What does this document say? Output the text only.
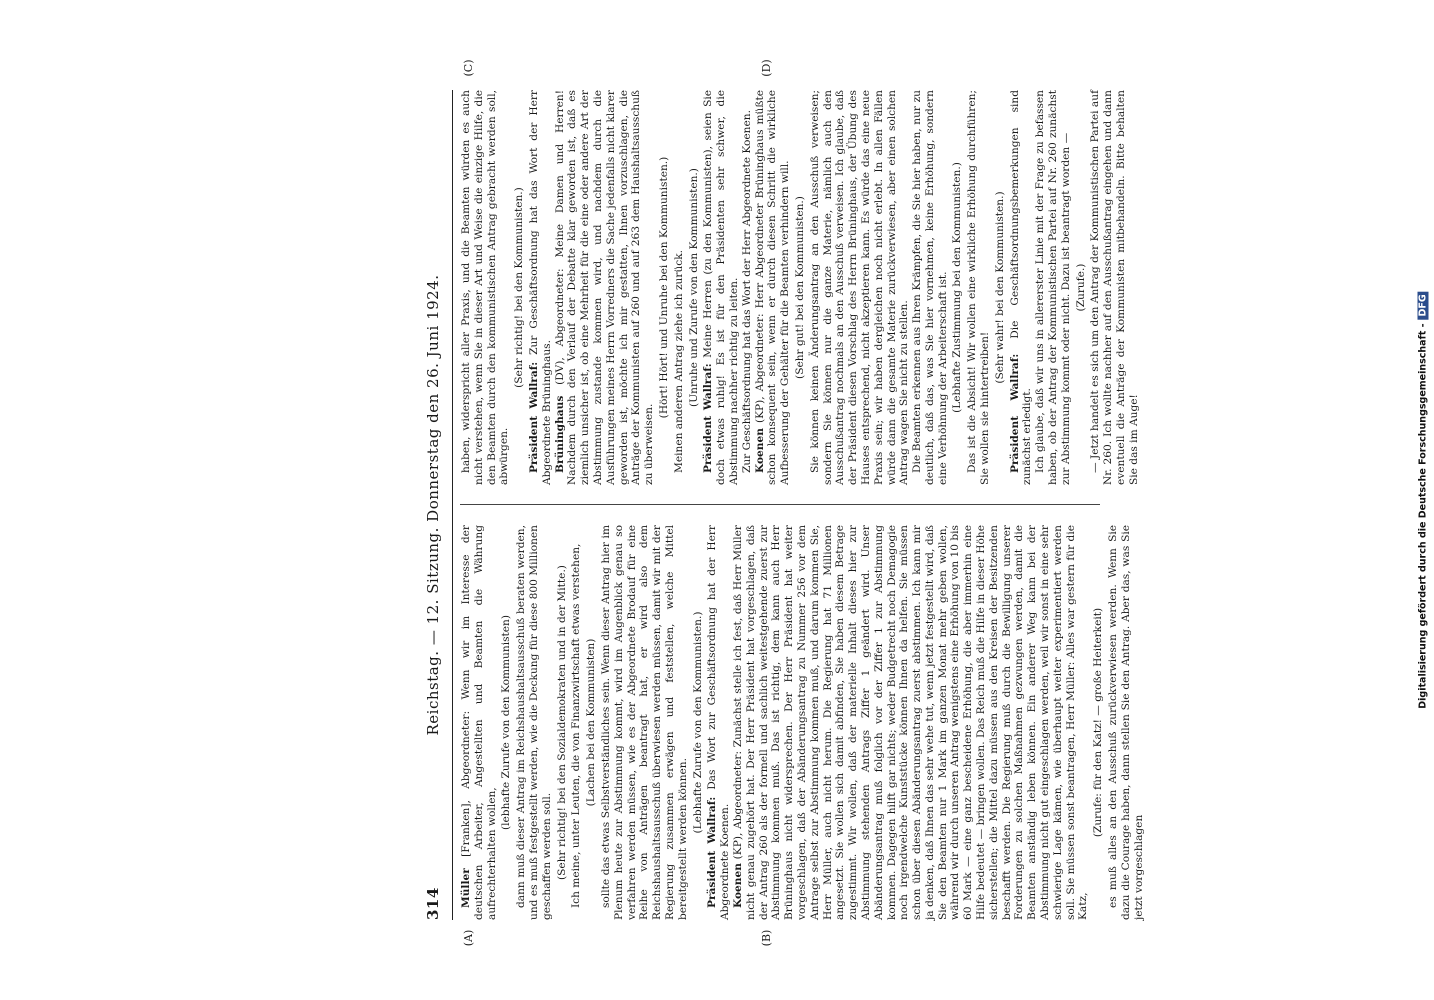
314
Reichstag. — 12. Sitzung. Donnerstag den 26. Juni 1924.
(A)	(B)
(C)	(D)

Müller [Franken], Abgeordneter: Wenn wir im Interesse der deutschen Arbeiter, Angestellten und Beamten die Währung aufrechterhalten wollen,

(lebhafte Zurufe von den Kommunisten) dann muß dieser Antrag im Reichshaushaltsausschuß beraten werden, und es muß festgestellt werden, wie die Deckung für diese 800 Millionen geschaffen werden soll. (Sehr richtig! bei den Sozialdemokraten und in der Mitte.) Ich meine, unter Leuten, die von Finanzwirtschaft etwas verstehen, (Lachen bei den Kommunisten) sollte das etwas Selbstverständliches sein. Wenn dieser Antrag hier im Plenum heute zur Abstimmung kommt, wird im Augenblick genau so verfahren werden müssen, wie es der Abgeordnete Brodauf für eine Reihe von Anträgen beantragt hat, er wird also dem Reichshaushaltsausschuß überwiesen werden müssen, damit wir mit der Regierung zusammen erwägen und feststellen, welche Mittel bereitgestellt werden können.

(Lebhafte Zurufe von den Kommunisten.)

Präsident Wallraf: Das Wort zur Geschäftsordnung hat der Herr Abgeordnete Koenen. Koenen (KP), Abgeordneter: Zunächst stelle ich fest, daß Herr Müller nicht genau zugehört hat. Der Herr Präsident hat vorgeschlagen, daß der Antrag 260 als der formell und sachlich weitestgehende zuerst zur Abstimmung kommen muß. Das ist richtig, dem kann auch Herr Brüninghaus nicht widersprechen. Der Herr Präsident hat weiter vorgeschlagen, daß der Abänderungsantrag zu Nummer 256 vor dem Antrage selbst zur Abstimmung kommen muß, und darum kommen Sie, Herr Müller, auch nicht herum. Die Regierung hat 71 Millionen angesetzt. Sie wollen sich damit abfinden, Sie haben diesem Betrage zugestimmt. Wir wollen, daß der materielle Inhalt dieses hier zur Abstimmung stehenden Antrags Ziffer 1 geändert wird. Unser Abänderungsantrag muß folglich vor der Ziffer 1 zur Abstimmung kommen. Dagegen hilft gar nichts; weder Budgetrecht noch Demagogie noch irgendwelche Kunststücke können Ihnen da helfen. Sie müssen schon über diesen Abänderungsantrag zuerst abstimmen. Ich kann mir ja denken, daß Ihnen das sehr wehe tut, wenn jetzt festgestellt wird, daß Sie den Beamten nur 1 Mark im ganzen Monat mehr geben wollen, während wir durch unseren Antrag wenigstens eine Erhöhung von 10 bis 60 Mark — eine ganz bescheidene Erhöhung, die aber immerhin eine Hilfe bedeutet — bringen wollen. Das Reich muß die Hilfe in dieser Höhe sicherstellen; die Mittel dazu müssen aus den Kreisen der Besitzenden beschafft werden. Die Regierung muß durch die Bewilligung unserer Forderungen zu solchen Maßnahmen gezwungen werden, damit die Beamten anständig leben können. Ein anderer Weg kann bei der Abstimmung nicht gut eingeschlagen werden, weil wir sonst in eine sehr schwierige Lage kämen, wie überhaupt weiter experimentiert werden soll. Sie müssen sonst beantragen, Herr Müller: Alles war gestern für die Katz,

(Zurufe: für den Katz! — große Heiterkeit) es muß alles an den Ausschuß zurückverwiesen werden. Wenn Sie dazu die Courage haben, dann stellen Sie den Antrag. Aber das, was Sie jetzt vorgeschlagen

haben, widerspricht aller Praxis, und die Beamten würden es auch nicht verstehen, wenn Sie in dieser Art und Weise die einzige Hilfe, die den Beamten durch den kommunistischen Antrag gebracht werden soll, abwürgen.

(Sehr richtig! bei den Kommunisten.)

Präsident Wallraf: Zur Geschäftsordnung hat das Wort der Herr Abgeordnete Brüninghaus. Brüninghaus (DV), Abgeordneter: Meine Damen und Herren! Nachdem durch den Verlauf der Debatte klar geworden ist, daß es ziemlich unsicher ist, ob eine Mehrheit für die eine oder andere Art der Abstimmung zustande kommen wird, und nachdem durch die Ausführungen meines Herrn Vorredners die Sache jedenfalls nicht klarer geworden ist, möchte ich mir gestatten, Ihnen vorzuschlagen, die Anträge der Kommunisten auf 260 und auf 263 dem Haushaltsausschuß zu überweisen.

(Hört! Hört! und Unruhe bei den Kommunisten.) Meinen anderen Antrag ziehe ich zurück. (Unruhe und Zurufe von den Kommunisten.)

Präsident Wallraf: Meine Herren (zu den Kommunisten), seien Sie doch etwas ruhig! Es ist für den Präsidenten sehr schwer, die Abstimmung nachher richtig zu leiten. Zur Geschäftsordnung hat das Wort der Herr Abgeordnete Koenen. Koenen (KP), Abgeordneter: Herr Abgeordneter Brüninghaus müßte schon konsequent sein, wenn er durch diesen Schritt die wirkliche Aufbesserung der Gehälter für die Beamten verhindern will. (Sehr gut! bei den Kommunisten.) Sie können keinen Änderungsantrag an den Ausschuß verweisen; sondern Sie können nur die ganze Materie, nämlich auch den Ausschußantrag nochmals an den Ausschuß verweisen. Ich glaube, daß der Präsident diesen Vorschlag des Herrn Brüninghaus, der Übung des Hauses entsprechend, nicht akzeptieren kann. Es würde das eine neue Praxis sein; wir haben dergleichen noch nicht erlebt. In allen Fällen würde dann die gesamte Materie zurückverwiesen, aber einen solchen Antrag wagen Sie nicht zu stellen. Die Beamten erkennen aus Ihren Krämpfen, die Sie hier haben, nur zu deutlich, daß das, was Sie hier vornehmen, keine Erhöhung, sondern eine Verhöhnung der Arbeiterschaft ist. (Lebhafte Zustimmung bei den Kommunisten.) Das ist die Absicht! Wir wollen eine wirkliche Erhöhung durchführen; Sie wollen sie hintertreiben!

(Sehr wahr! bei den Kommunisten.)

Präsident Wallraf: Die Geschäftsordnungsbemerkungen sind zunächst erledigt. Ich glaube, daß wir uns in allererster Linie mit der Frage zu befassen haben, ob der Antrag der Kommunistischen Partei auf Nr. 260 zunächst zur Abstimmung kommt oder nicht. Dazu ist beantragt worden — (Zurufe.) — Jetzt handelt es sich um den Antrag der Kommunistischen Partei auf Nr. 260. Ich wollte nachher auf den Ausschußantrag eingehen und dann eventuell die Anträge der Kommunisten mitbehandeln. Bitte behalten Sie das im Auge!	Digitalisierung gefördert durch die Deutsche Forschungsgemeinschaft -DFG
